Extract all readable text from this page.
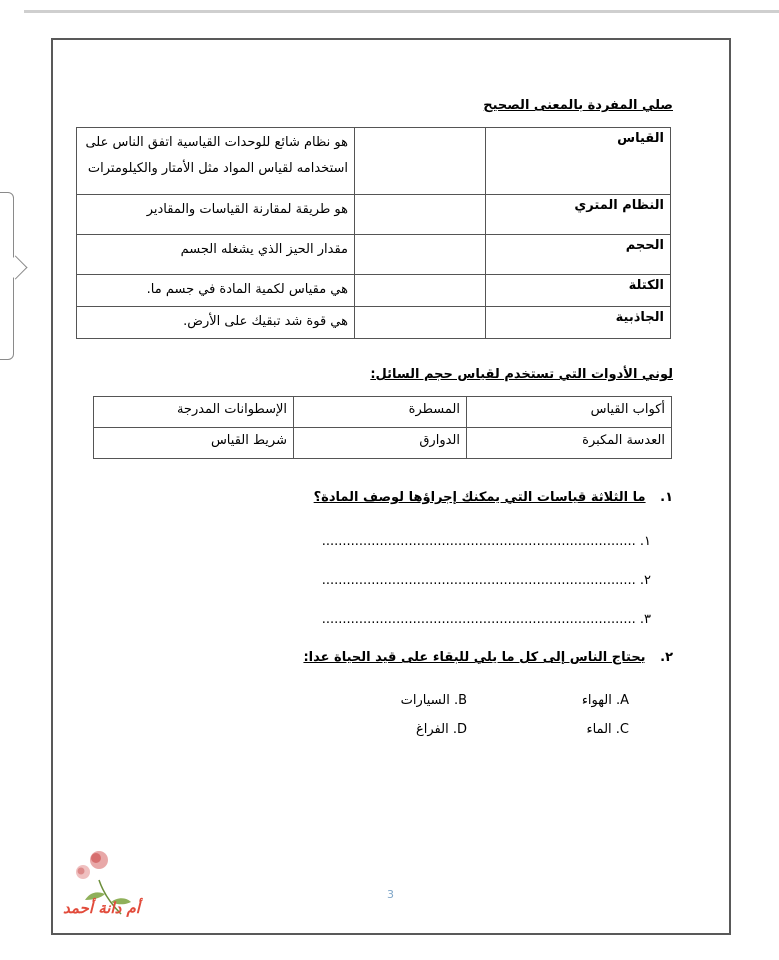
صلي المفردة بالمعنى الصحيح
القياس		هو نظام شائع للوحدات القياسية اتفق الناس على استخدامه لقياس المواد مثل الأمتار والكيلومترات
النظام المتري		هو طريقة لمقارنة القياسات والمقادير
الحجم		مقدار الحيز الذي يشغله الجسم
الكتلة		هي مقياس لكمية المادة في جسم ما.
الجاذبية		هي قوة شد تبقيك على الأرض.
لوني الأدوات التي تستخدم لقياس حجم السائل:
أكواب القياس	المسطرة	الإسطوانات المدرجة
العدسة المكبرة	الدوارق	شريط القياس
١. ما الثلاثة قياسات التي يمكنك إجراؤها لوصف المادة؟
١. ............................................................................
٢. ............................................................................
٣. ............................................................................
٢. يحتاج الناس إلى كل ما يلي للبقاء على قيد الحياة عدا:
A. الهواء
B. السيارات
C. الماء
D. الفراغ
أم دانة أحمد
3
